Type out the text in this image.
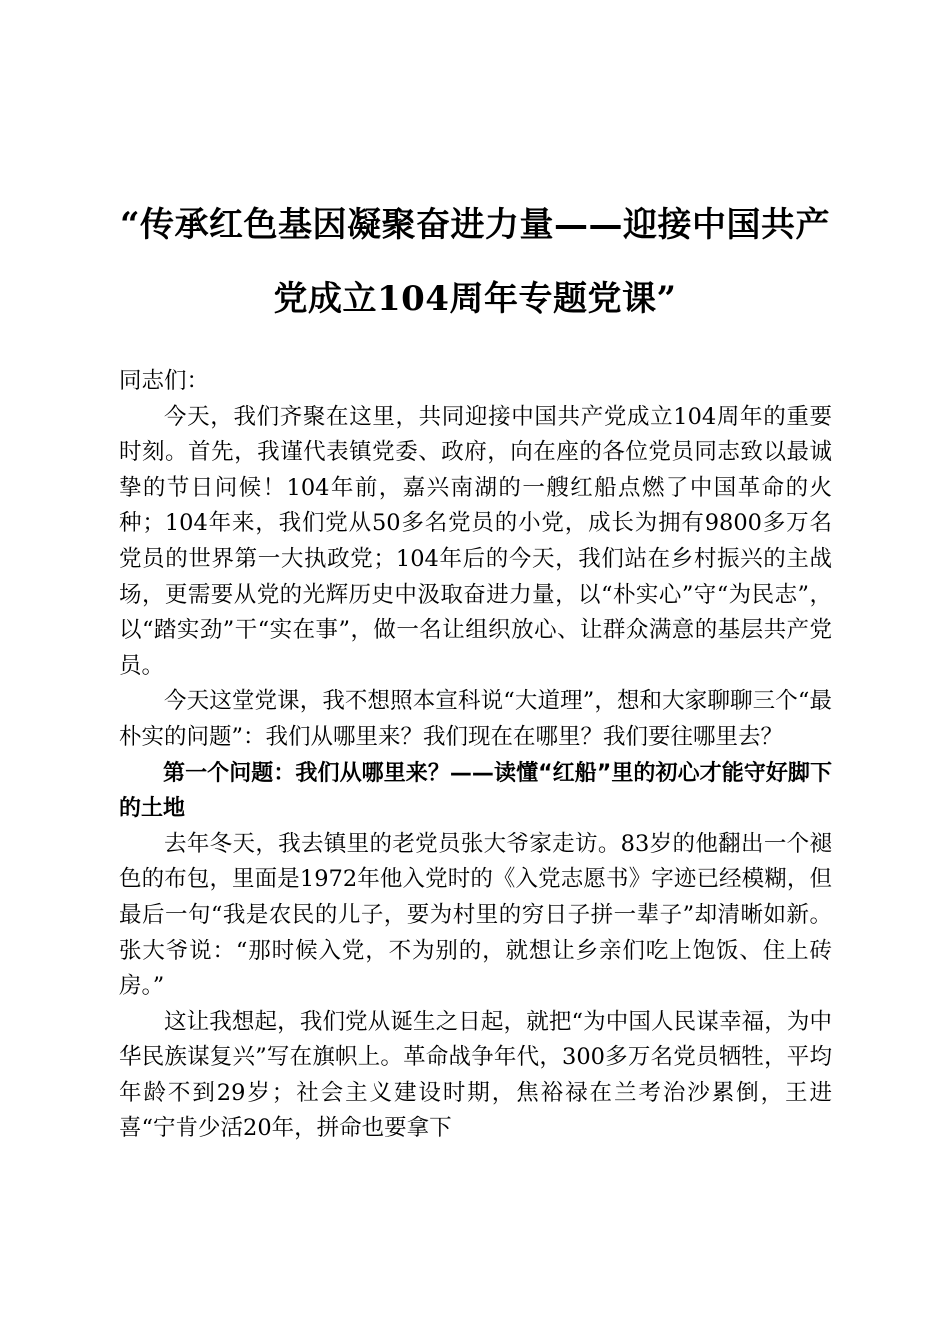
“传承红色基因凝聚奋进力量——迎接中国共产党成立104周年专题党课”

同志们：

今天，我们齐聚在这里，共同迎接中国共产党成立104周年的重要时刻。首先，我谨代表镇党委、政府，向在座的各位党员同志致以最诚挚的节日问候！104年前，嘉兴南湖的一艘红船点燃了中国革命的火种；104年来，我们党从50多名党员的小党，成长为拥有9800多万名党员的世界第一大执政党；104年后的今天，我们站在乡村振兴的主战场，更需要从党的光辉历史中汲取奋进力量，以“朴实心”守“为民志”，以“踏实劲”干“实在事”，做一名让组织放心、让群众满意的基层共产党员。

今天这堂党课，我不想照本宣科说“大道理”，想和大家聊聊三个“最朴实的问题”：我们从哪里来？我们现在在哪里？我们要往哪里去？

第一个问题：我们从哪里来？——读懂“红船”里的初心才能守好脚下的土地

去年冬天，我去镇里的老党员张大爷家走访。83岁的他翻出一个褪色的布包，里面是1972年他入党时的《入党志愿书》字迹已经模糊，但最后一句“我是农民的儿子，要为村里的穷日子拼一辈子”却清晰如新。张大爷说：“那时候入党，不为别的，就想让乡亲们吃上饱饭、住上砖房。”

这让我想起，我们党从诞生之日起，就把“为中国人民谋幸福，为中华民族谋复兴”写在旗帜上。革命战争年代，300多万名党员牺牲，平均年龄不到29岁；社会主义建设时期，焦裕禄在兰考治沙累倒，王进喜“宁肯少活20年，拼命也要拿下
